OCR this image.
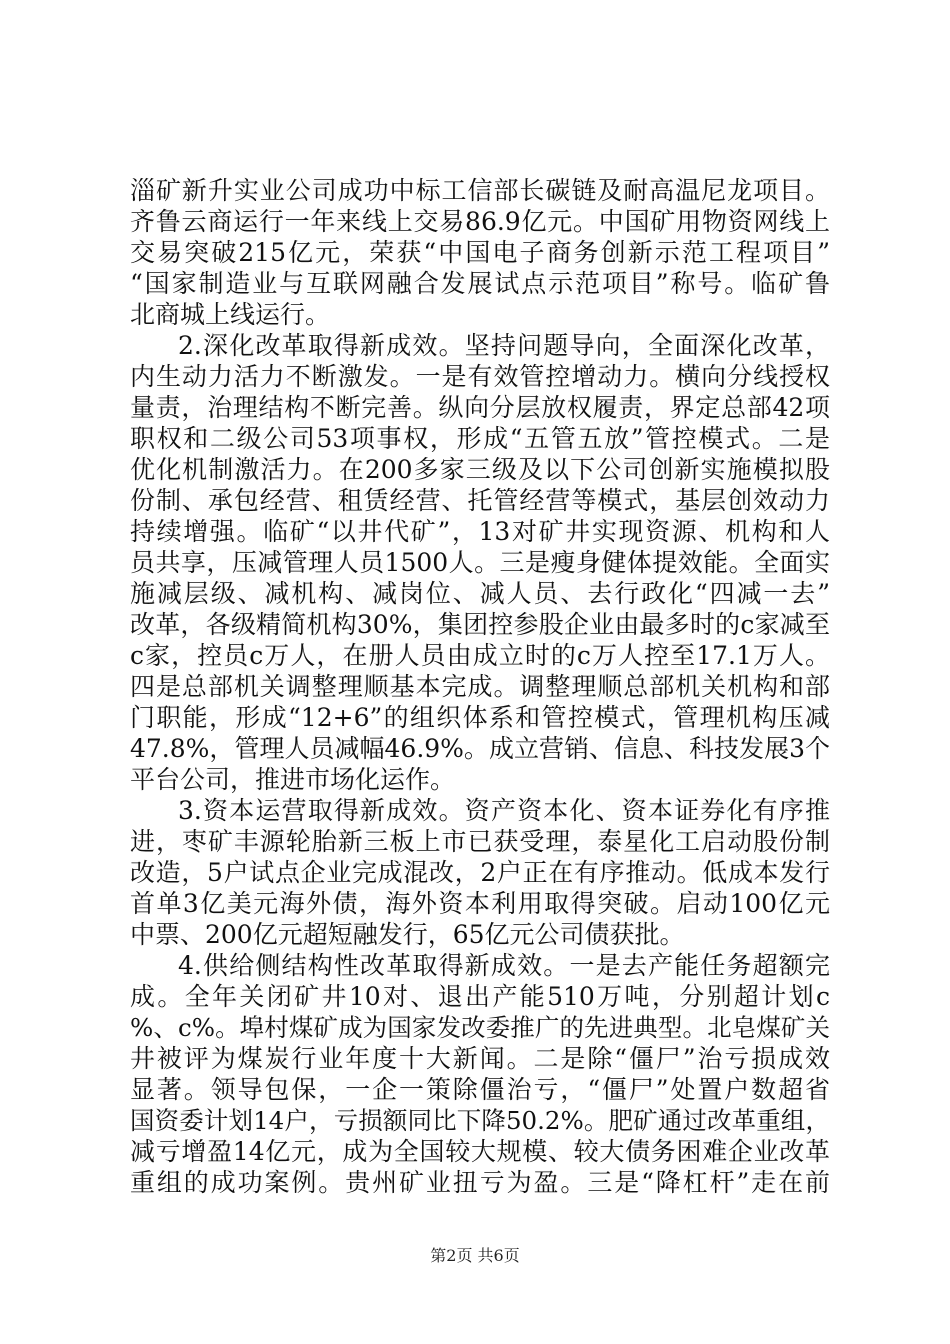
淄矿新升实业公司成功中标工信部长碳链及耐高温尼龙项目。
齐鲁云商运行一年来线上交易86.9亿元。中国矿用物资网线上
交易突破215亿元，荣获“中国电子商务创新示范工程项目”
“国家制造业与互联网融合发展试点示范项目”称号。临矿鲁
北商城上线运行。
2.深化改革取得新成效。坚持问题导向，全面深化改革，
内生动力活力不断激发。一是有效管控增动力。横向分线授权
量责，治理结构不断完善。纵向分层放权履责，界定总部42项
职权和二级公司53项事权，形成“五管五放”管控模式。二是
优化机制激活力。在200多家三级及以下公司创新实施模拟股
份制、承包经营、租赁经营、托管经营等模式，基层创效动力
持续增强。临矿“以井代矿”，13对矿井实现资源、机构和人
员共享，压减管理人员1500人。三是瘦身健体提效能。全面实
施减层级、减机构、减岗位、减人员、去行政化“四减一去”
改革，各级精简机构30%，集团控参股企业由最多时的c家减至
c家，控员c万人，在册人员由成立时的c万人控至17.1万人。
四是总部机关调整理顺基本完成。调整理顺总部机关机构和部
门职能，形成“12+6”的组织体系和管控模式，管理机构压减
47.8%，管理人员减幅46.9%。成立营销、信息、科技发展3个
平台公司，推进市场化运作。
3.资本运营取得新成效。资产资本化、资本证券化有序推
进，枣矿丰源轮胎新三板上市已获受理，泰星化工启动股份制
改造，5户试点企业完成混改，2户正在有序推动。低成本发行
首单3亿美元海外债，海外资本利用取得突破。启动100亿元
中票、200亿元超短融发行，65亿元公司债获批。
4.供给侧结构性改革取得新成效。一是去产能任务超额完
成。全年关闭矿井10对、退出产能510万吨，分别超计划c
%、c%。埠村煤矿成为国家发改委推广的先进典型。北皂煤矿关
井被评为煤炭行业年度十大新闻。二是除“僵尸”治亏损成效
显著。领导包保，一企一策除僵治亏，“僵尸”处置户数超省
国资委计划14户，亏损额同比下降50.2%。肥矿通过改革重组，
减亏增盈14亿元，成为全国较大规模、较大债务困难企业改革
重组的成功案例。贵州矿业扭亏为盈。三是“降杠杆”走在前
第2页 共6页
